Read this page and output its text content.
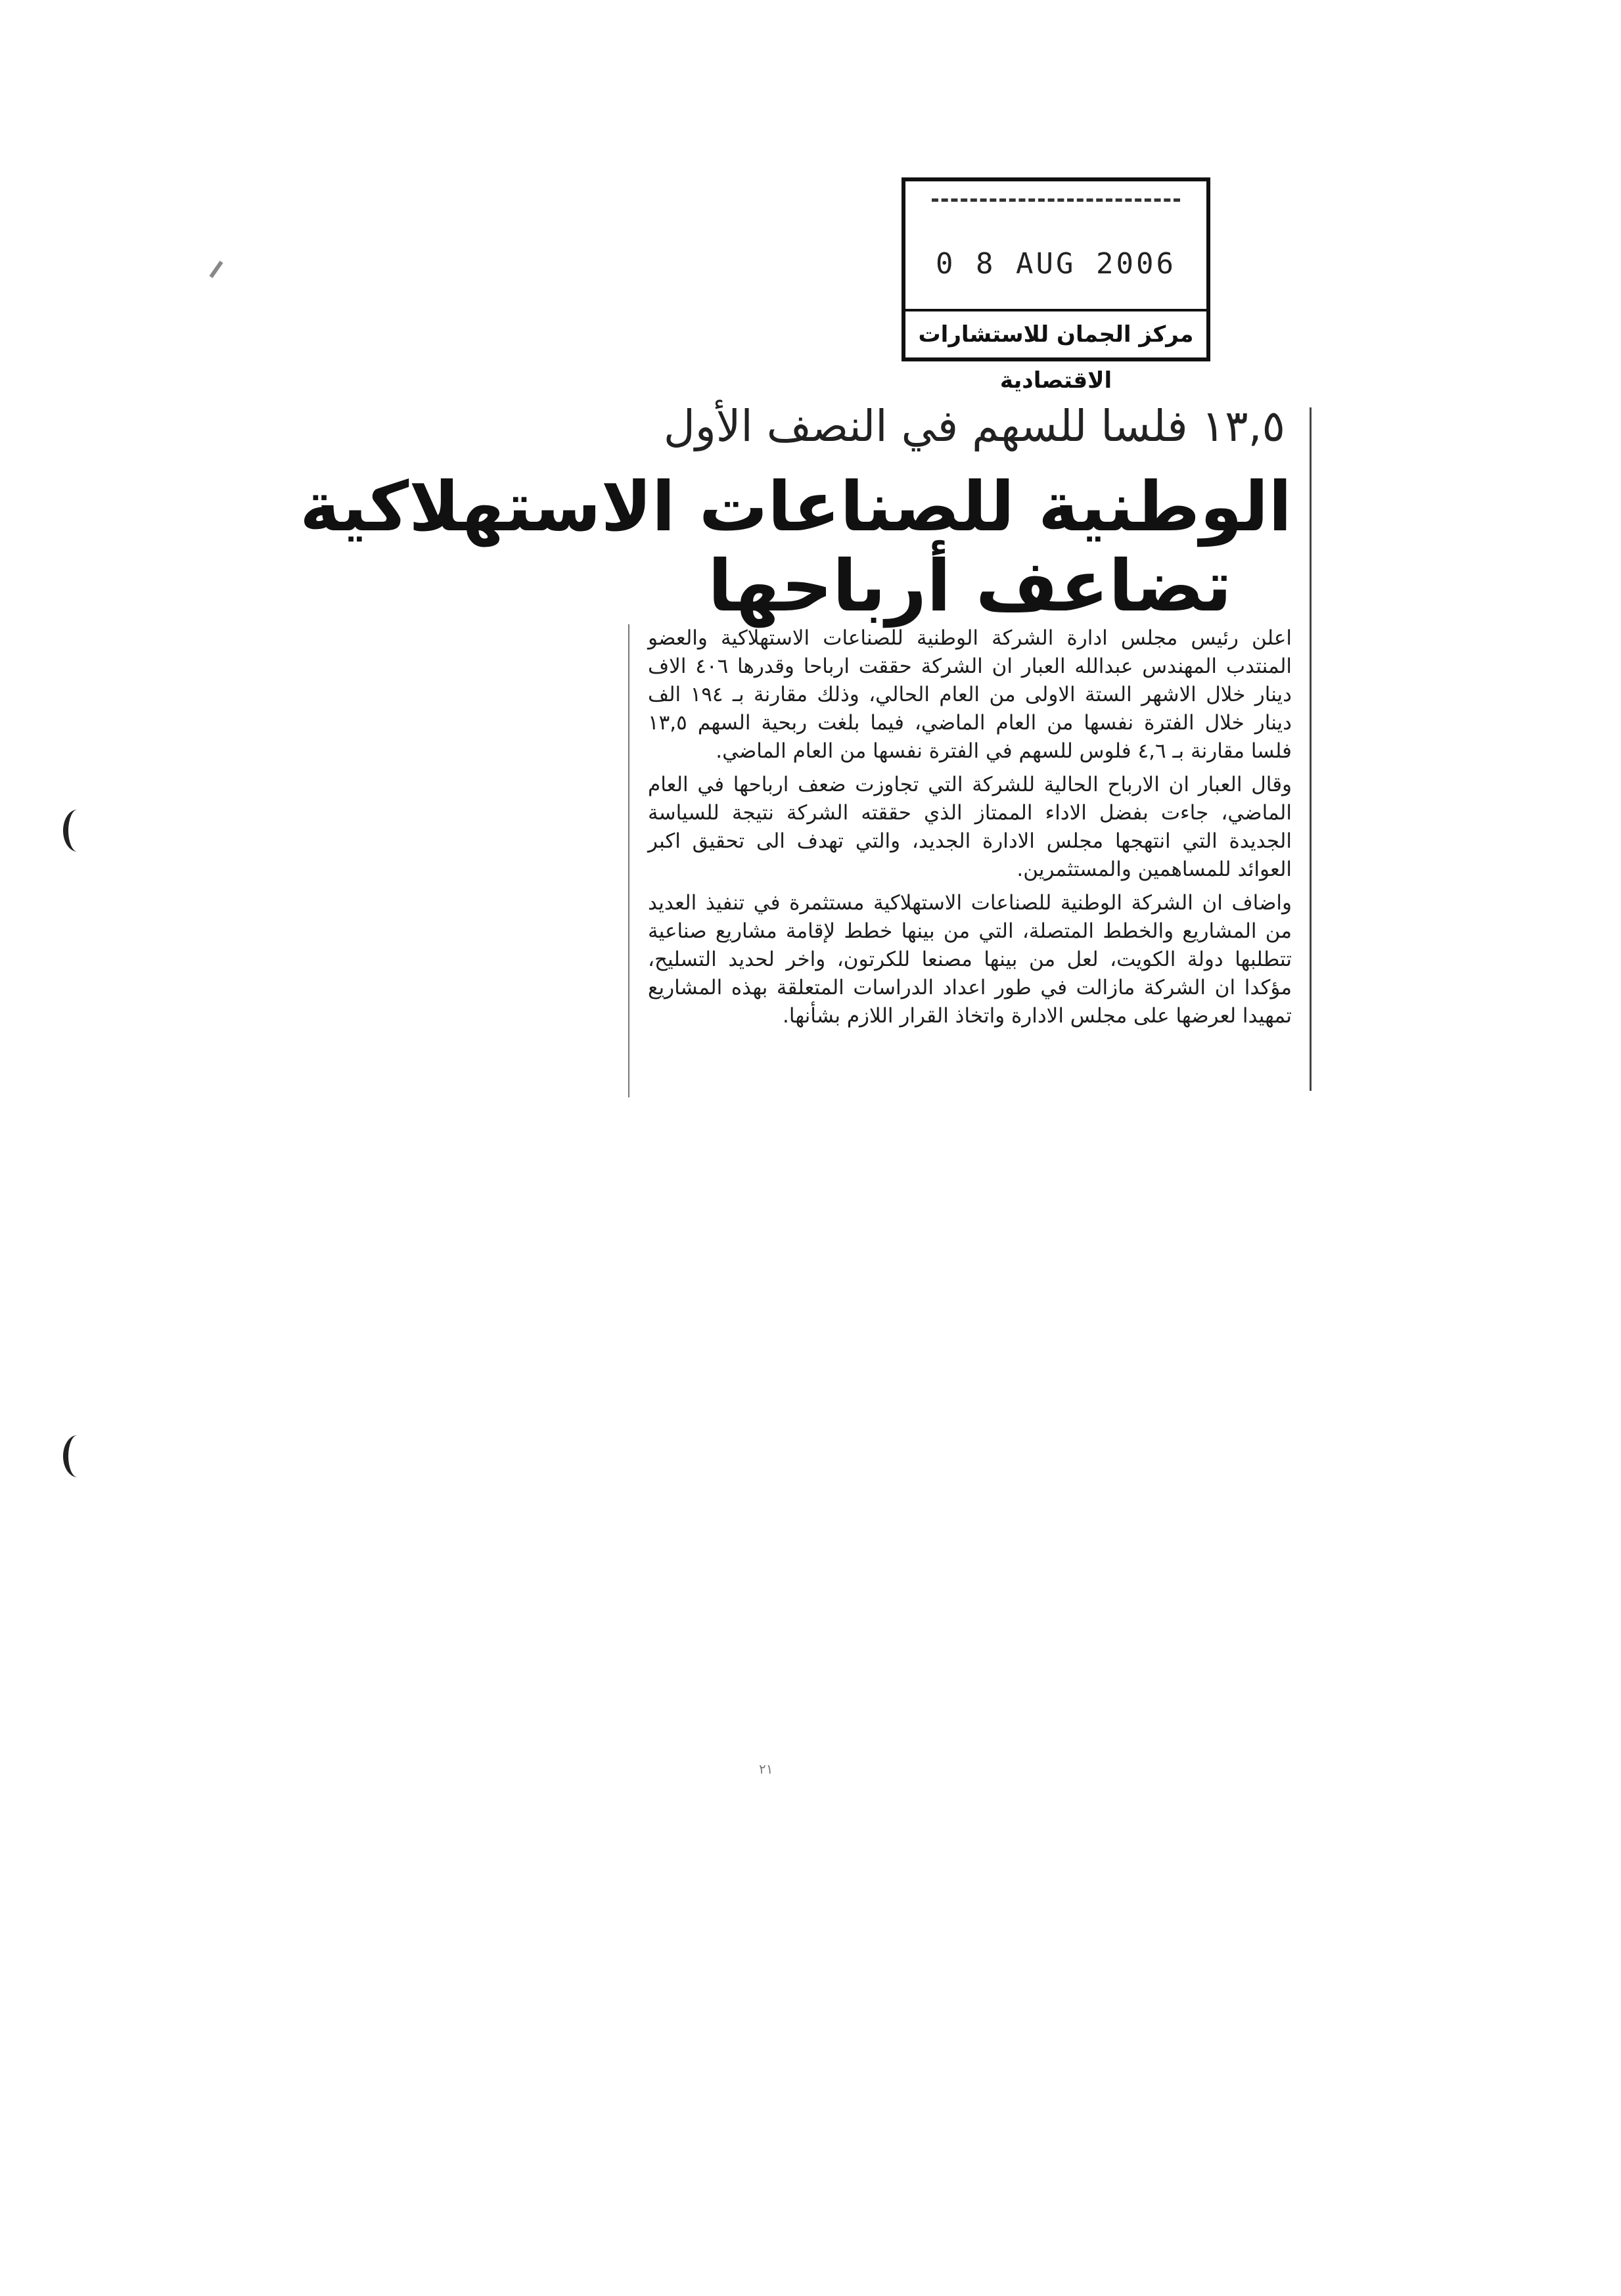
0 8 AUG 2006
مركز الجمان للاستشارات الاقتصادية
١٣,٥ فلسا للسهم في النصف الأول
الوطنية للصناعات الاستهلاكية
تضاعف أرباحها

اعلن رئيس مجلس ادارة الشركة الوطنية للصناعات الاستهلاكية والعضو المنتدب المهندس عبدالله العبار ان الشركة حققت ارباحا وقدرها ٤٠٦ الاف دينار خلال الاشهر الستة الاولى من العام الحالي، وذلك مقارنة بـ ١٩٤ الف دينار خلال الفترة نفسها من العام الماضي، فيما بلغت ربحية السهم ١٣,٥ فلسا مقارنة بـ ٤,٦ فلوس للسهم في الفترة نفسها من العام الماضي.

وقال العبار ان الارباح الحالية للشركة التي تجاوزت ضعف ارباحها في العام الماضي، جاءت بفضل الاداء الممتاز الذي حققته الشركة نتيجة للسياسة الجديدة التي انتهجها مجلس الادارة الجديد، والتي تهدف الى تحقيق اكبر العوائد للمساهمين والمستثمرين.

واضاف ان الشركة الوطنية للصناعات الاستهلاكية مستثمرة في تنفيذ العديد من المشاريع والخطط المتصلة، التي من بينها خطط لإقامة مشاريع صناعية تتطلبها دولة الكويت، لعل من بينها مصنعا للكرتون، واخر لحديد التسليح، مؤكدا ان الشركة مازالت في طور اعداد الدراسات المتعلقة بهذه المشاريع تمهيدا لعرضها على مجلس الادارة واتخاذ القرار اللازم بشأنها.

٢١
